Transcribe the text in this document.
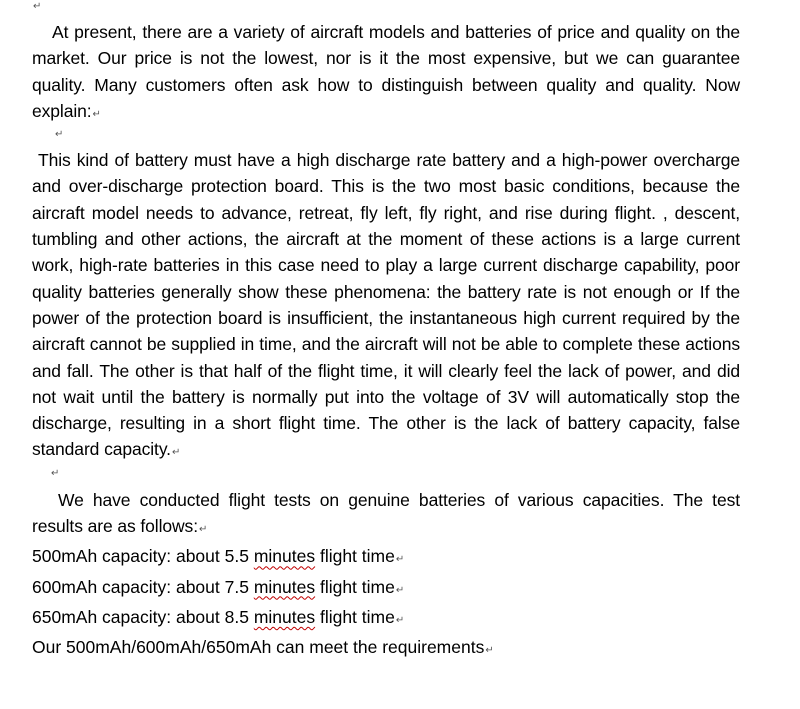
↵

At present, there are a variety of aircraft models and batteries of price and quality on the market. Our price is not the lowest, nor is it the most expensive, but we can guarantee quality. Many customers often ask how to distinguish between quality and quality. Now explain:↵

↵

This kind of battery must have a high discharge rate battery and a high-power overcharge and over-discharge protection board. This is the two most basic conditions, because the aircraft model needs to advance, retreat, fly left, fly right, and rise during flight. , descent, tumbling and other actions, the aircraft at the moment of these actions is a large current work, high-rate batteries in this case need to play a large current discharge capability, poor quality batteries generally show these phenomena: the battery rate is not enough or If the power of the protection board is insufficient, the instantaneous high current required by the aircraft cannot be supplied in time, and the aircraft will not be able to complete these actions and fall. The other is that half of the flight time, it will clearly feel the lack of power, and did not wait until the battery is normally put into the voltage of 3V will automatically stop the discharge, resulting in a short flight time. The other is the lack of battery capacity, false standard capacity.↵

↵

We have conducted flight tests on genuine batteries of various capacities. The test results are as follows:↵

500mAh capacity: about 5.5 minutes flight time↵

600mAh capacity: about 7.5 minutes flight time↵

650mAh capacity: about 8.5 minutes flight time↵

Our 500mAh/600mAh/650mAh can meet the requirements↵
